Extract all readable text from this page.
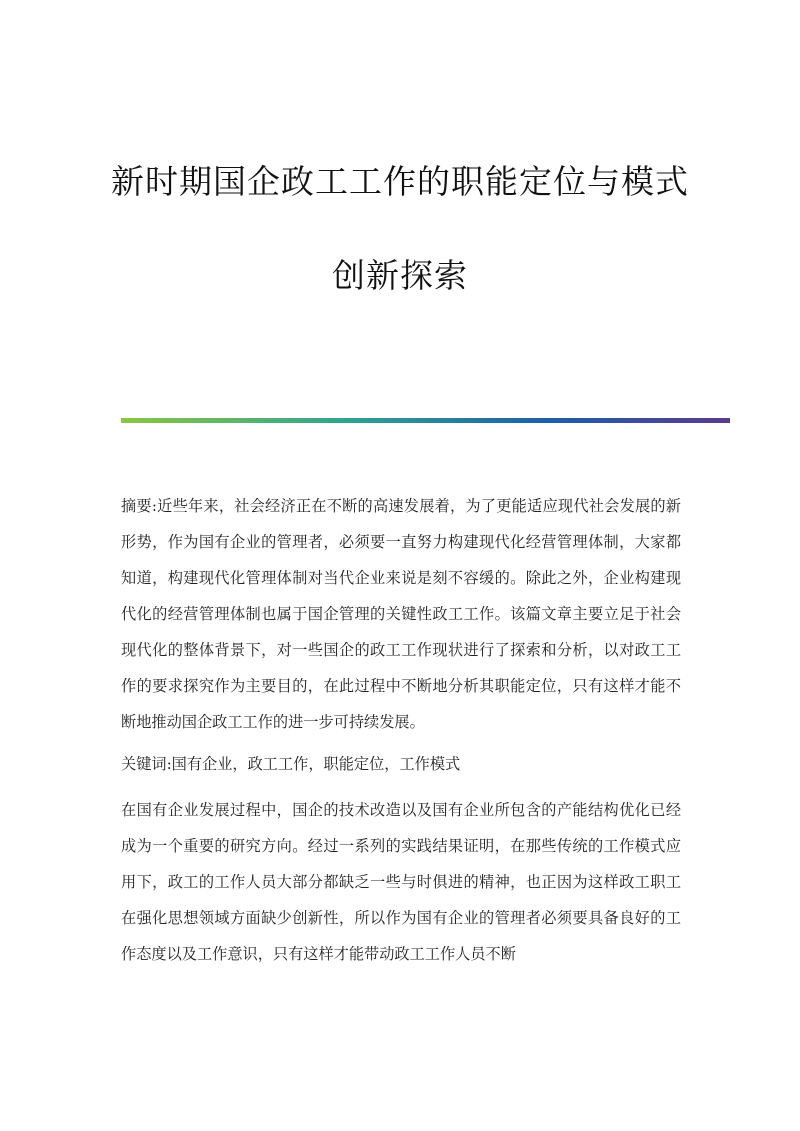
新时期国企政工工作的职能定位与模式
创新探索

摘要:近些年来，社会经济正在不断的高速发展着，为了更能适应现代社会发展的新形势，作为国有企业的管理者，必须要一直努力构建现代化经营管理体制，大家都知道，构建现代化管理体制对当代企业来说是刻不容缓的。除此之外，企业构建现代化的经营管理体制也属于国企管理的关键性政工工作。该篇文章主要立足于社会现代化的整体背景下，对一些国企的政工工作现状进行了探索和分析，以对政工工作的要求探究作为主要目的，在此过程中不断地分析其职能定位，只有这样才能不断地推动国企政工工作的进一步可持续发展。

关键词:国有企业，政工工作，职能定位，工作模式

在国有企业发展过程中，国企的技术改造以及国有企业所包含的产能结构优化已经成为一个重要的研究方向。经过一系列的实践结果证明，在那些传统的工作模式应用下，政工的工作人员大部分都缺乏一些与时俱进的精神，也正因为这样政工职工在强化思想领域方面缺少创新性，所以作为国有企业的管理者必须要具备良好的工作态度以及工作意识，只有这样才能带动政工工作人员不断
